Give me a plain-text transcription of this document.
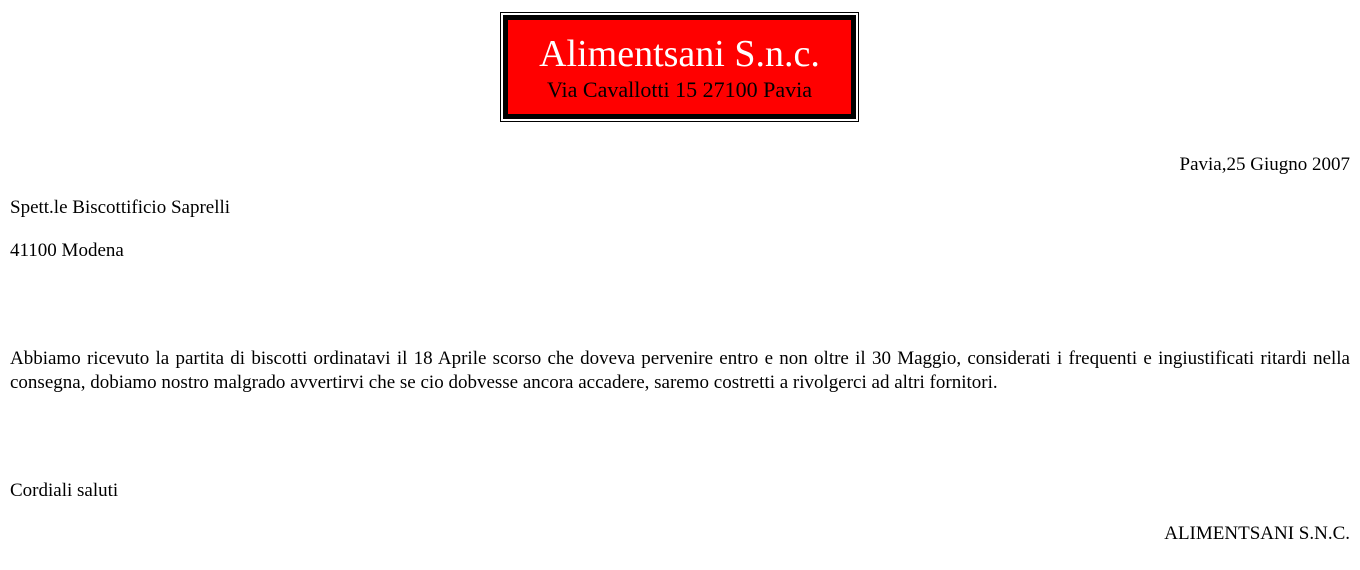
Alimentsani S.n.c.
Via Cavallotti 15 27100 Pavia

Pavia,25 Giugno 2007

Spett.le Biscottificio Saprelli

41100 Modena

Abbiamo ricevuto la partita di biscotti ordinatavi il 18 Aprile scorso che doveva pervenire entro e non oltre il 30 Maggio, considerati i frequenti e ingiustificati ritardi nella consegna, dobiamo nostro malgrado avvertirvi che se cio dobvesse ancora accadere, saremo costretti a rivolgerci ad altri fornitori.

Cordiali saluti

ALIMENTSANI S.N.C.
